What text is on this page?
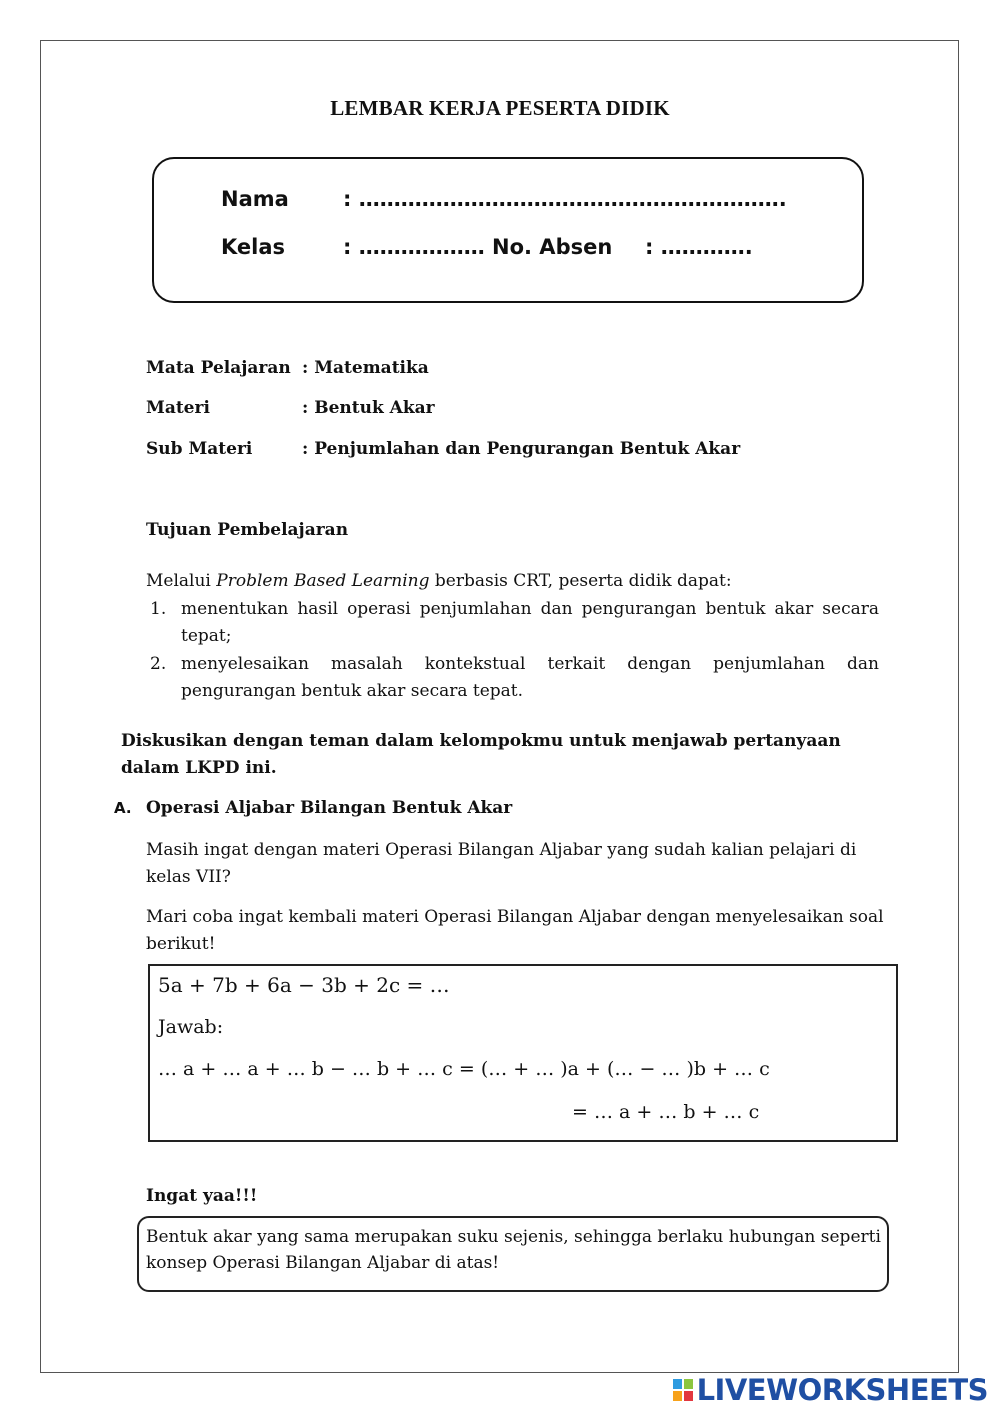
LEMBAR KERJA PESERTA DIDIK
Nama	: …………………………………………………….
Kelas	: ……………… No. Absen : ………….
Mata Pelajaran : Matematika
Materi	: Bentuk Akar
Sub Materi	: Penjumlahan dan Pengurangan Bentuk Akar
Tujuan Pembelajaran
Melalui Problem Based Learning berbasis CRT, peserta didik dapat:
1. menentukan hasil operasi penjumlahan dan pengurangan bentuk akar secara tepat;
2. menyelesaikan masalah kontekstual terkait dengan penjumlahan dan pengurangan bentuk akar secara tepat.
Diskusikan dengan teman dalam kelompokmu untuk menjawab pertanyaan dalam LKPD ini.
A. Operasi Aljabar Bilangan Bentuk Akar
Masih ingat dengan materi Operasi Bilangan Aljabar yang sudah kalian pelajari di kelas VII?
Mari coba ingat kembali materi Operasi Bilangan Aljabar dengan menyelesaikan soal berikut!
5a + 7b + 6a − 3b + 2c = …
Jawab:
… a + … a + … b − … b + … c = (… + … )a + (… − … )b + … c
= … a + … b + … c
Ingat yaa!!!
Bentuk akar yang sama merupakan suku sejenis, sehingga berlaku hubungan seperti konsep Operasi Bilangan Aljabar di atas!
LIVEWORKSHEETS
